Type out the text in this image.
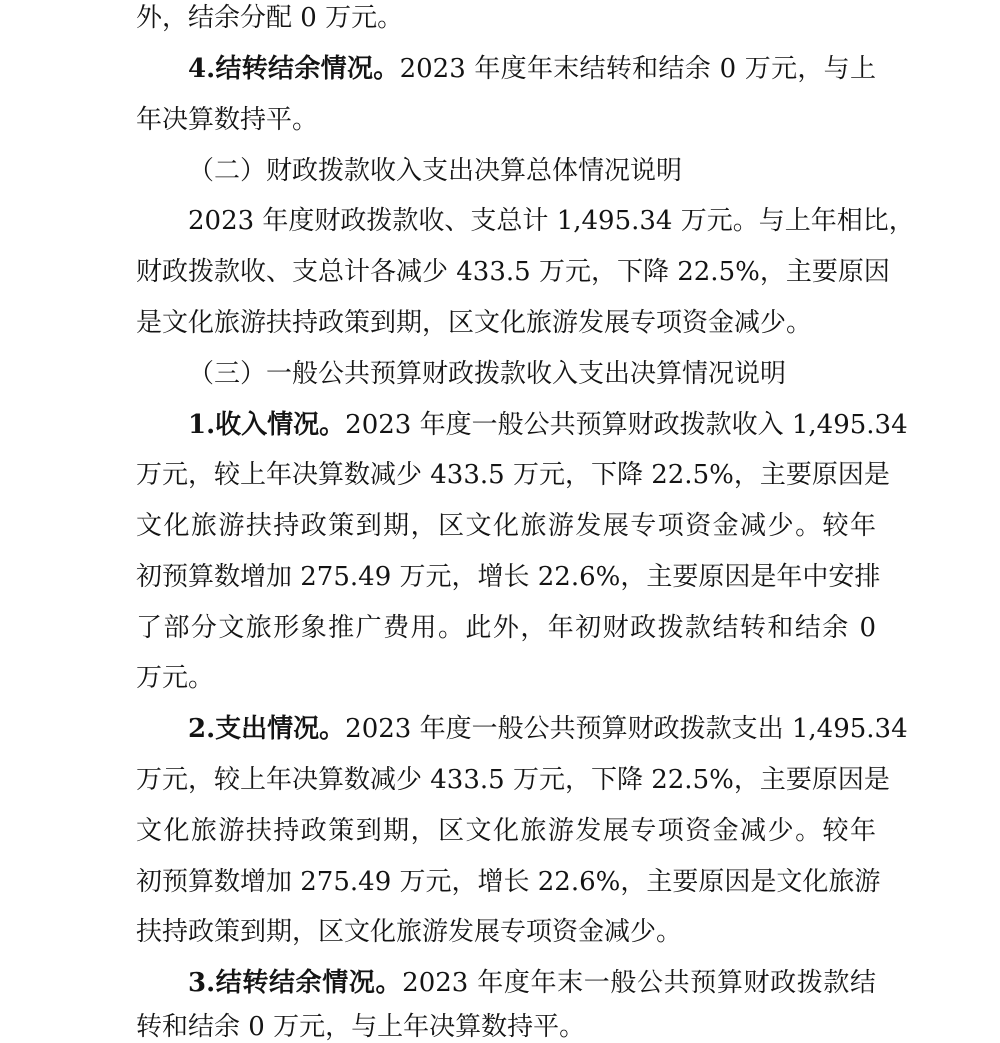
外，结余分配 0 万元。
4.结转结余情况。2023 年度年末结转和结余 0 万元，与上
年决算数持平。
（二）财政拨款收入支出决算总体情况说明
2023 年度财政拨款收、支总计 1,495.34 万元。与上年相比，
财政拨款收、支总计各减少 433.5 万元，下降 22.5%，主要原因
是文化旅游扶持政策到期，区文化旅游发展专项资金减少。
（三）一般公共预算财政拨款收入支出决算情况说明
1.收入情况。2023 年度一般公共预算财政拨款收入 1,495.34
万元，较上年决算数减少 433.5 万元，下降 22.5%，主要原因是
文化旅游扶持政策到期，区文化旅游发展专项资金减少。较年
初预算数增加 275.49 万元，增长 22.6%，主要原因是年中安排
了部分文旅形象推广费用。此外，年初财政拨款结转和结余 0
万元。
2.支出情况。2023 年度一般公共预算财政拨款支出 1,495.34
万元，较上年决算数减少 433.5 万元，下降 22.5%，主要原因是
文化旅游扶持政策到期，区文化旅游发展专项资金减少。较年
初预算数增加 275.49 万元，增长 22.6%，主要原因是文化旅游
扶持政策到期，区文化旅游发展专项资金减少。
3.结转结余情况。2023 年度年末一般公共预算财政拨款结
转和结余 0 万元，与上年决算数持平。
